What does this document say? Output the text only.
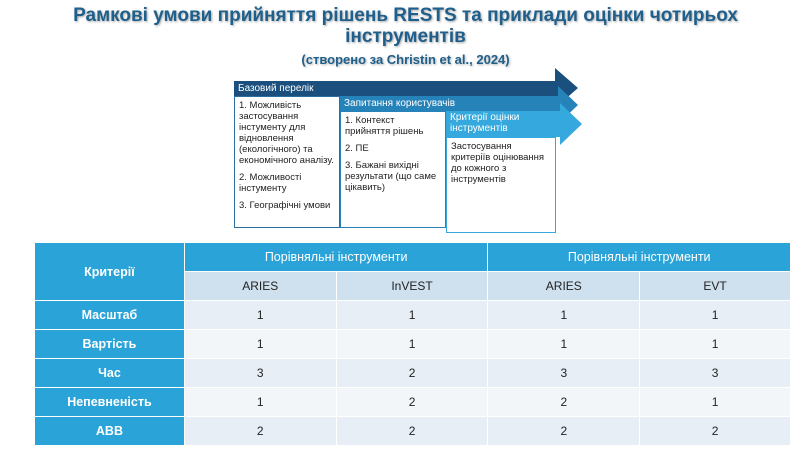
Рамкові умови прийняття рішень RESTS та приклади оцінки чотирьох
інструментів
(створено за Christin et al., 2024)
Базовий перелік
Запитання користувачів
Критерії оцінки інструментів

1. Можливість застосування інстументу для відновлення (екологічного) та економічного аналізу.

2. Можливості інстументу

3. Географічні умови

1. Контекст прийняття рішень

2. ПЕ

3. Бажані вихідні результати (що саме цікавить)

Застосування критеріїв оцінювання до кожного з інструментів

Критерії	Порівняльні інструменти		Порівняльні інструменти	
	ARIES	InVEST	ARIES	EVT
Масштаб	1	1	1	1
Вартість	1	1	1	1
Час	3	2	3	3
Непевненість	1	2	2	1
АВВ	2	2	2	2
